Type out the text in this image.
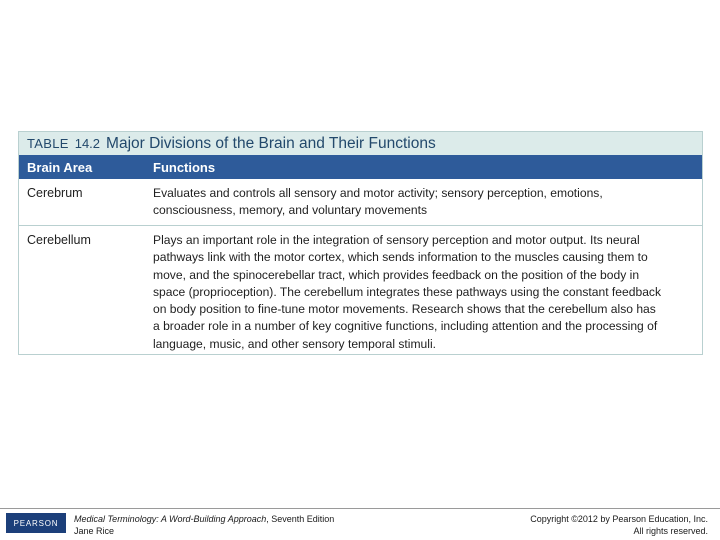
TABLE 14.2 Major Divisions of the Brain and Their Functions
Brain Area	Functions
Cerebrum	Evaluates and controls all sensory and motor activity; sensory perception, emotions,
consciousness, memory, and voluntary movements
Cerebellum	Plays an important role in the integration of sensory perception and motor output. Its neural
pathways link with the motor cortex, which sends information to the muscles causing them to
move, and the spinocerebellar tract, which provides feedback on the position of the body in
space (proprioception). The cerebellum integrates these pathways using the constant feedback
on body position to fine-tune motor movements. Research shows that the cerebellum also has
a broader role in a number of key cognitive functions, including attention and the processing of
language, music, and other sensory temporal stimuli.
PEARSON	Medical Terminology: A Word-Building Approach, Seventh Edition
Jane Rice
Copyright ©2012 by Pearson Education, Inc.
All rights reserved.
